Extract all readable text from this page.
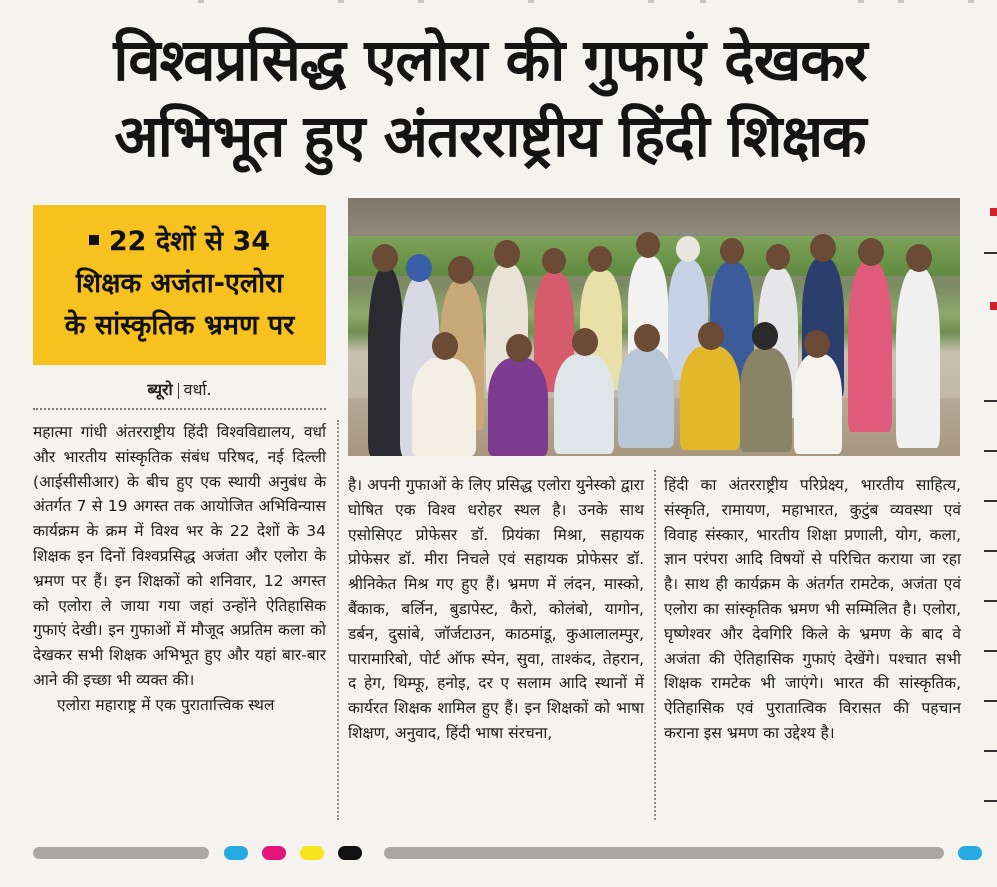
विश्वप्रसिद्ध एलोरा की गुफाएं देखकर
अभिभूत हुए अंतरराष्ट्रीय हिंदी शिक्षक
22 देशों से 34
शिक्षक अजंता-एलोरा
के सांस्कृतिक भ्रमण पर
ब्यूरो वर्धा.

महात्मा गांधी अंतरराष्ट्रीय हिंदी विश्वविद्यालय, वर्धा और भारतीय सांस्कृतिक संबंध परिषद, नई दिल्ली (आईसीसीआर) के बीच हुए एक स्थायी अनुबंध के अंतर्गत 7 से 19 अगस्त तक आयोजित अभिविन्यास कार्यक्रम के क्रम में विश्व भर के 22 देशों के 34 शिक्षक इन दिनों विश्वप्रसिद्ध अजंता और एलोरा के भ्रमण पर हैं। इन शिक्षकों को शनिवार, 12 अगस्त को एलोरा ले जाया गया जहां उन्होंने ऐतिहासिक गुफाएं देखी। इन गुफाओं में मौजूद अप्रतिम कला को देखकर सभी शिक्षक अभिभूत हुए और यहां बार-बार आने की इच्छा भी व्यक्त की।

एलोरा महाराष्ट्र में एक पुरातात्त्विक स्थल

है। अपनी गुफाओं के लिए प्रसिद्ध एलोरा युनेस्को द्वारा घोषित एक विश्व धरोहर स्थल है। उनके साथ एसोसिएट प्रोफेसर डॉ. प्रियंका मिश्रा, सहायक प्रोफेसर डॉ. मीरा निचले एवं सहायक प्रोफेसर डॉ. श्रीनिकेत मिश्र गए हुए हैं। भ्रमण में लंदन, मास्को, बैंकाक, बर्लिन, बुडापेस्ट, कैरो, कोलंबो, यागोन, डर्बन, दुसांबे, जॉर्जटाउन, काठमांडू, कुआलालम्पुर, पारामारिबो, पोर्ट ऑफ स्पेन, सुवा, ताश्कंद, तेहरान, द हेग, थिम्फू, हनोइ, दर ए सलाम आदि स्थानों में कार्यरत शिक्षक शामिल हुए हैं। इन शिक्षकों को भाषा शिक्षण, अनुवाद, हिंदी भाषा संरचना,

हिंदी का अंतरराष्ट्रीय परिप्रेक्ष्य, भारतीय साहित्य, संस्कृति, रामायण, महाभारत, कुटुंब व्यवस्था एवं विवाह संस्कार, भारतीय शिक्षा प्रणाली, योग, कला, ज्ञान परंपरा आदि विषयों से परिचित कराया जा रहा है। साथ ही कार्यक्रम के अंतर्गत रामटेक, अजंता एवं एलोरा का सांस्कृतिक भ्रमण भी सम्मिलित है। एलोरा, घृष्णेश्वर और देवगिरि किले के भ्रमण के बाद वे अजंता की ऐतिहासिक गुफाएं देखेंगे। पश्चात सभी शिक्षक रामटेक भी जाएंगे। भारत की सांस्कृतिक, ऐतिहासिक एवं पुरातात्विक विरासत की पहचान कराना इस भ्रमण का उद्देश्य है।
